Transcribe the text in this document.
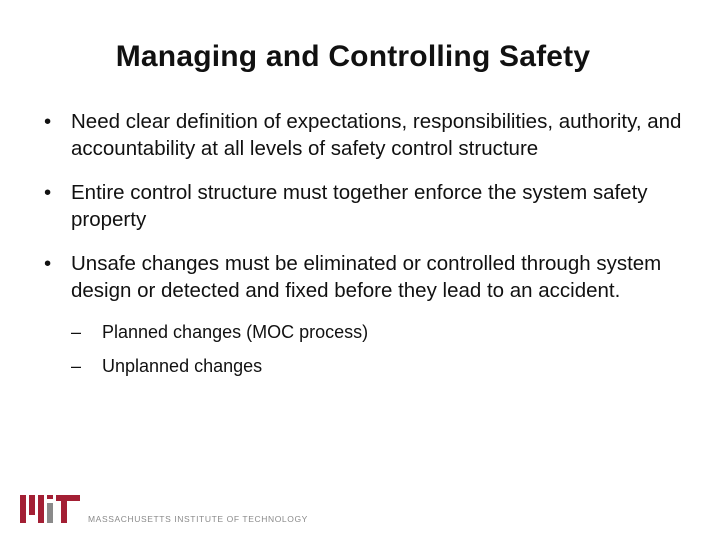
Managing and Controlling Safety
• Need clear definition of expectations, responsibilities, authority, and accountability at all levels of safety control structure
• Entire control structure must together enforce the system safety property
• Unsafe changes must be eliminated or controlled through system design or detected and fixed before they lead to an accident.
– Planned changes (MOC process)
– Unplanned changes
MASSACHUSETTS INSTITUTE OF TECHNOLOGY
